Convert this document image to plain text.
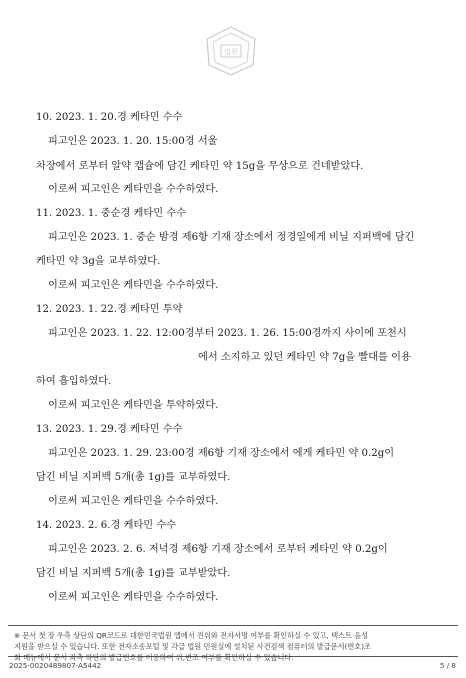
법원
10. 2023. 1. 20.경 케타민 수수
피고인은 2023. 1. 20. 15:00경 서울
차장에서 로부터 알약 캡슐에 담긴 케타민 약 15g을 무상으로 건네받았다.
이로써 피고인은 케타민을 수수하였다.
11. 2023. 1. 중순경 케타민 수수
피고인은 2023. 1. 중순 밤경 제6항 기재 장소에서 정경일에게 비닐 지퍼백에 담긴
케타민 약 3g을 교부하였다.
이로써 피고인은 케타민을 수수하였다.
12. 2023. 1. 22.경 케타민 투약
피고인은 2023. 1. 22. 12:00경부터 2023. 1. 26. 15:00경까지 사이에 포천시
에서 소지하고 있던 케타민 약 7g을 빨대를 이용
하여 흡입하였다.
이로써 피고인은 케타민을 투약하였다.
13. 2023. 1. 29.경 케타민 수수
피고인은 2023. 1. 29. 23:00경 제6항 기재 장소에서 에게 케타민 약 0.2g이
담긴 비닐 지퍼백 5개(총 1g)를 교부하였다.
이로써 피고인은 케타민을 수수하였다.
14. 2023. 2. 6.경 케타민 수수
피고인은 2023. 2. 6. 저녁경 제6항 기재 장소에서 로부터 케타민 약 0.2g이
담긴 비닐 지퍼백 5개(총 1g)를 교부받았다.
이로써 피고인은 케타민을 수수하였다.
※ 문서 첫 장 우측 상단의 QR코드로 대한민국법원 앱에서 진위와 전자서명 여부를 확인하실 수 있고, 텍스트 음성
지원을 받으실 수 있습니다. 또한 전자소송포털 및 각급 법원 민원실에 설치된 사건검색 컴퓨터의 발급문서(번호)조
회 메뉴에서 문서 좌측 하단의 발급번호를 이용하여 위,변조 여부를 확인하실 수 있습니다.
2025-0020489807-A5442	5 / 8
